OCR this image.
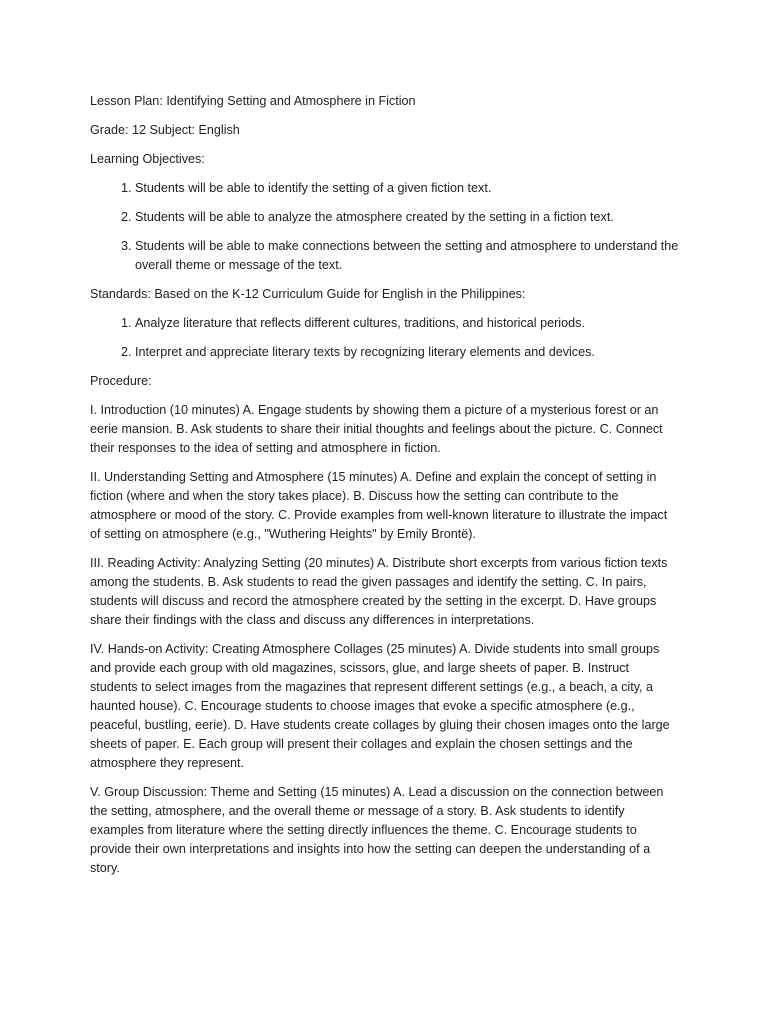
Lesson Plan: Identifying Setting and Atmosphere in Fiction

Grade: 12 Subject: English

Learning Objectives:

1. Students will be able to identify the setting of a given fiction text.
2. Students will be able to analyze the atmosphere created by the setting in a fiction text.
3. Students will be able to make connections between the setting and atmosphere to understand the overall theme or message of the text.

Standards: Based on the K-12 Curriculum Guide for English in the Philippines:

1. Analyze literature that reflects different cultures, traditions, and historical periods.
2. Interpret and appreciate literary texts by recognizing literary elements and devices.

Procedure:

I. Introduction (10 minutes) A. Engage students by showing them a picture of a mysterious forest or an eerie mansion. B. Ask students to share their initial thoughts and feelings about the picture. C. Connect their responses to the idea of setting and atmosphere in fiction.

II. Understanding Setting and Atmosphere (15 minutes) A. Define and explain the concept of setting in fiction (where and when the story takes place). B. Discuss how the setting can contribute to the atmosphere or mood of the story. C. Provide examples from well-known literature to illustrate the impact of setting on atmosphere (e.g., "Wuthering Heights" by Emily Brontë).

III. Reading Activity: Analyzing Setting (20 minutes) A. Distribute short excerpts from various fiction texts among the students. B. Ask students to read the given passages and identify the setting. C. In pairs, students will discuss and record the atmosphere created by the setting in the excerpt. D. Have groups share their findings with the class and discuss any differences in interpretations.

IV. Hands-on Activity: Creating Atmosphere Collages (25 minutes) A. Divide students into small groups and provide each group with old magazines, scissors, glue, and large sheets of paper. B. Instruct students to select images from the magazines that represent different settings (e.g., a beach, a city, a haunted house). C. Encourage students to choose images that evoke a specific atmosphere (e.g., peaceful, bustling, eerie). D. Have students create collages by gluing their chosen images onto the large sheets of paper. E. Each group will present their collages and explain the chosen settings and the atmosphere they represent.

V. Group Discussion: Theme and Setting (15 minutes) A. Lead a discussion on the connection between the setting, atmosphere, and the overall theme or message of a story. B. Ask students to identify examples from literature where the setting directly influences the theme. C. Encourage students to provide their own interpretations and insights into how the setting can deepen the understanding of a story.
